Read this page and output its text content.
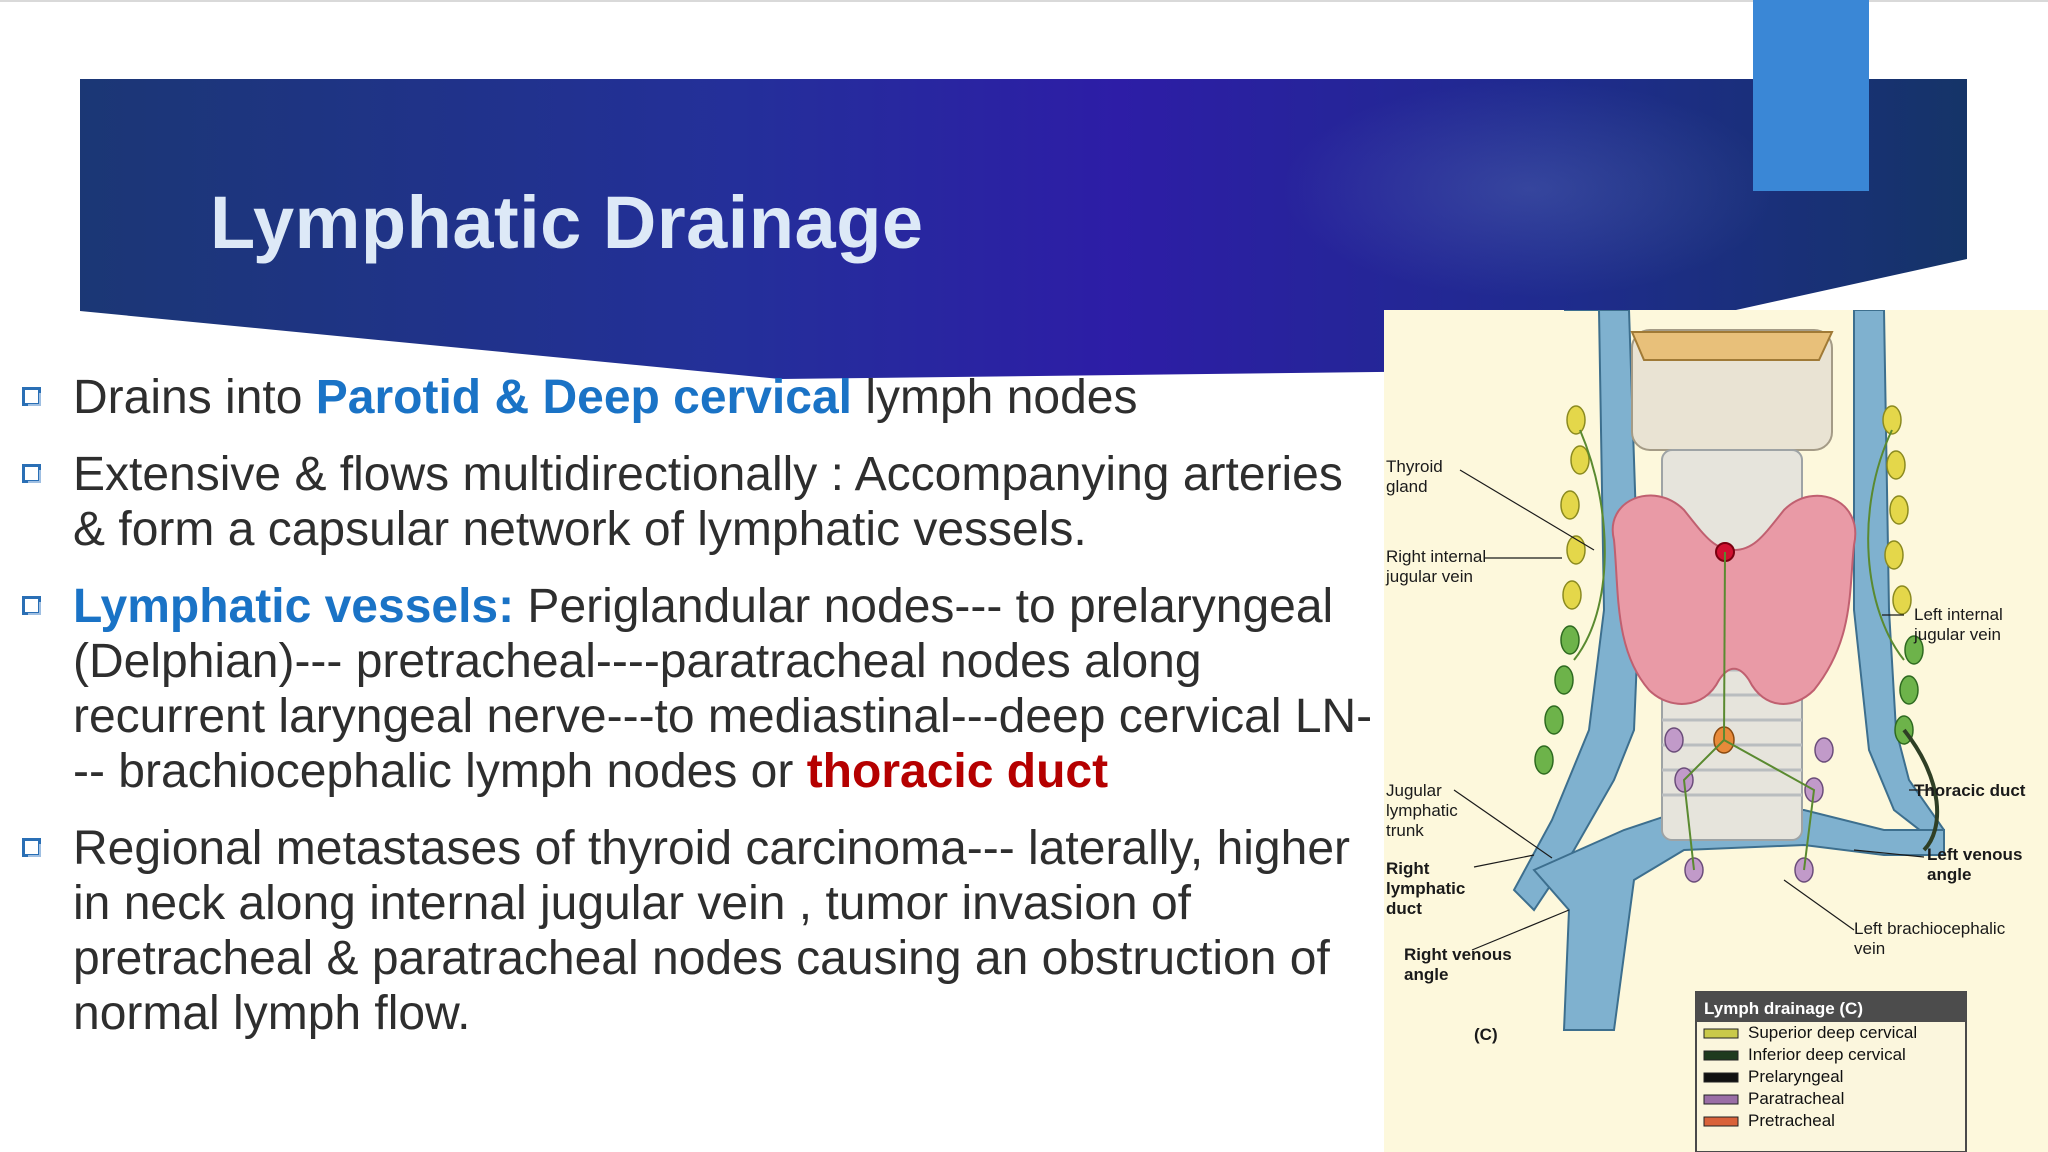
Lymphatic Drainage
Drains into Parotid & Deep cervical lymph nodes
Extensive & flows multidirectionally : Accompanying arteries & form a capsular network of lymphatic vessels.
Lymphatic vessels: Periglandular nodes--- to prelaryngeal (Delphian)--- pretracheal----paratracheal nodes along recurrent laryngeal nerve---to mediastinal---deep cervical LN--- brachiocephalic lymph nodes or thoracic duct
Regional metastases of thyroid carcinoma--- laterally, higher in neck along internal jugular vein , tumor invasion of pretracheal & paratracheal nodes causing an obstruction of normal lymph flow.
Thyroid
gland
Right internal
jugular vein
Left internal
jugular vein
Jugular
lymphatic
trunk
Thoracic duct
Right
lymphatic
duct
Left venous
angle
Right venous
angle
Left brachiocephalic
vein
(C)
Lymph drainage (C)
Superior deep cervical
Inferior deep cervical
Prelaryngeal
Paratracheal
Pretracheal
